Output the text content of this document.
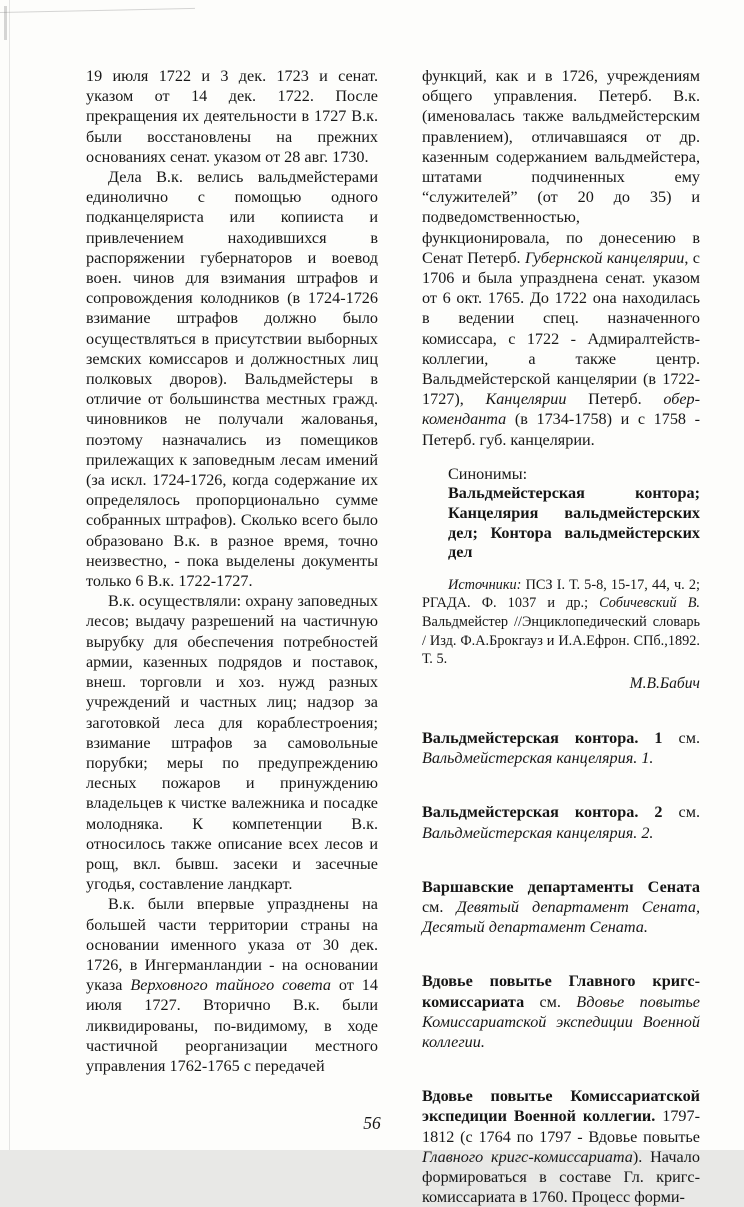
19 июля 1722 и 3 дек. 1723 и сенат. указом от 14 дек. 1722. После прекращения их деятельности в 1727 В.к. были восстановлены на прежних основаниях сенат. указом от 28 авг. 1730.
Дела В.к. велись вальдмейстерами единолично с помощью одного подканцеляриста или копииста и привлечением находившихся в распоряжении губернаторов и воевод воен. чинов для взимания штрафов и сопровождения колодников (в 1724-1726 взимание штрафов должно было осуществляться в присутствии выборных земских комиссаров и должностных лиц полковых дворов). Вальдмейстеры в отличие от большинства местных гражд. чиновников не получали жалованья, поэтому назначались из помещиков прилежащих к заповедным лесам имений (за искл. 1724-1726, когда содержание их определялось пропорционально сумме собранных штрафов). Сколько всего было образовано В.к. в разное время, точно неизвестно, - пока выделены документы только 6 В.к. 1722-1727.
В.к. осуществляли: охрану заповедных лесов; выдачу разрешений на частичную вырубку для обеспечения потребностей армии, казенных подрядов и поставок, внеш. торговли и хоз. нужд разных учреждений и частных лиц; надзор за заготовкой леса для кораблестроения; взимание штрафов за самовольные порубки; меры по предупреждению лесных пожаров и принуждению владельцев к чистке валежника и посадке молодняка. К компетенции В.к. относилось также описание всех лесов и рощ, вкл. бывш. засеки и засечные угодья, составление ландкарт.
В.к. были впервые упразднены на большей части территории страны на основании именного указа от 30 дек. 1726, в Ингерманландии - на основании указа Верховного тайного совета от 14 июля 1727. Вторично В.к. были ликвидированы, по-видимому, в ходе частичной реорганизации местного управления 1762-1765 с передачей
функций, как и в 1726, учреждениям общего управления. Петерб. В.к. (именовалась также вальдмейстерским правлением), отличавшаяся от др. казенным содержанием вальдмейстера, штатами подчиненных ему “служителей” (от 20 до 35) и подведомственностью, функционировала, по донесению в Сенат Петерб. Губернской канцелярии, с 1706 и была упразднена сенат. указом от 6 окт. 1765. До 1722 она находилась в ведении спец. назначенного комиссара, с 1722 - Адмиралтейств-коллегии, а также центр. Вальдмейстерской канцелярии (в 1722-1727), Канцелярии Петерб. обер-коменданта (в 1734-1758) и с 1758 - Петерб. губ. канцелярии.
Синонимы:
Вальдмейстерская контора; Канцелярия вальдмейстерских дел; Контора вальдмейстерских дел
Источники: ПСЗ I. Т. 5-8, 15-17, 44, ч. 2; РГАДА. Ф. 1037 и др.; Собичевский В. Вальдмейстер //Энциклопедический словарь / Изд. Ф.А.Брокгауз и И.А.Ефрон. СПб.,1892. Т. 5.
М.В.Бабич
Вальдмейстерская контора. 1 см. Вальдмейстерская канцелярия. 1.
Вальдмейстерская контора. 2 см. Вальдмейстерская канцелярия. 2.
Варшавские департаменты Сената см. Девятый департамент Сената, Десятый департамент Сената.
Вдовье повытье Главного кригс-комиссариата см. Вдовье повытье Комиссариатской экспедиции Военной коллегии.
Вдовье повытье Комиссариатской экспедиции Военной коллегии. 1797-1812 (с 1764 по 1797 - Вдовье повытье Главного кригс-комиссариата). Начало формироваться в составе Гл. кригс-комиссариата в 1760. Процесс форми-
56
